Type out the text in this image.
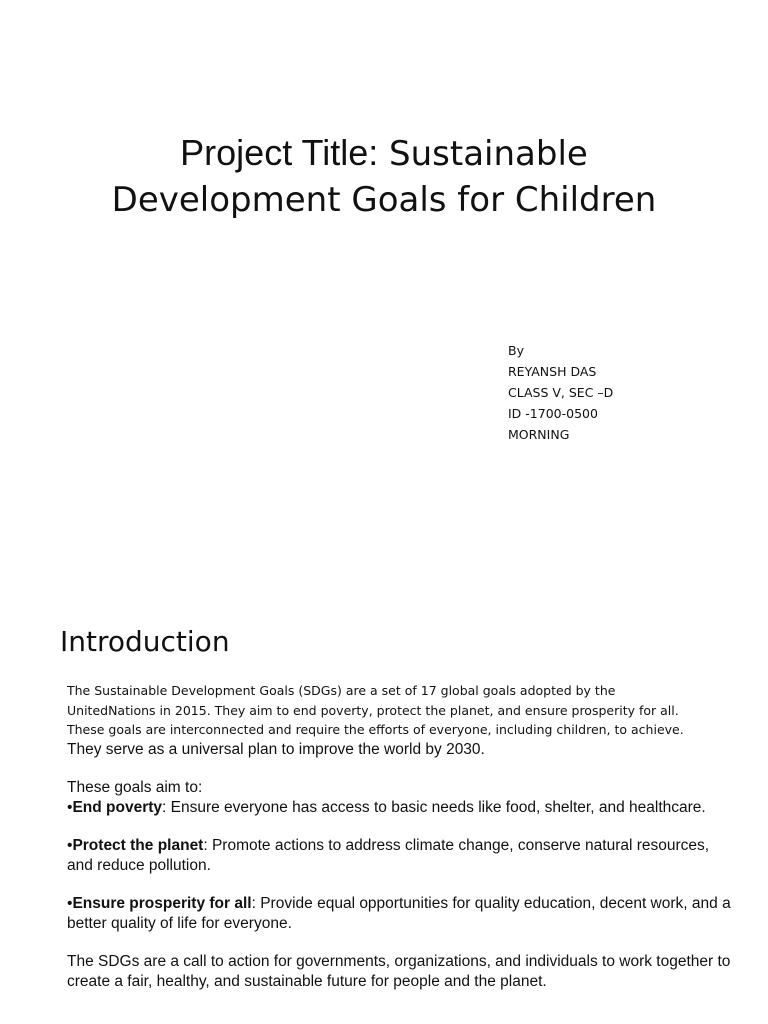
Project Title: Sustainable
Development Goals for Children
By
REYANSH DAS
CLASS V, SEC –D
ID -1700-0500
MORNING
Introduction

The Sustainable Development Goals (SDGs) are a set of 17 global goals adopted by the
UnitedNations in 2015. They aim to end poverty, protect the planet, and ensure prosperity for all.
These goals are interconnected and require the efforts of everyone, including children, to achieve.
They serve as a universal plan to improve the world by 2030.

These goals aim to:

•End poverty: Ensure everyone has access to basic needs like food, shelter, and healthcare.

•Protect the planet: Promote actions to address climate change, conserve natural resources, and reduce pollution.

•Ensure prosperity for all: Provide equal opportunities for quality education, decent work, and a better quality of life for everyone.

The SDGs are a call to action for governments, organizations, and individuals to work together to create a fair, healthy, and sustainable future for people and the planet.
